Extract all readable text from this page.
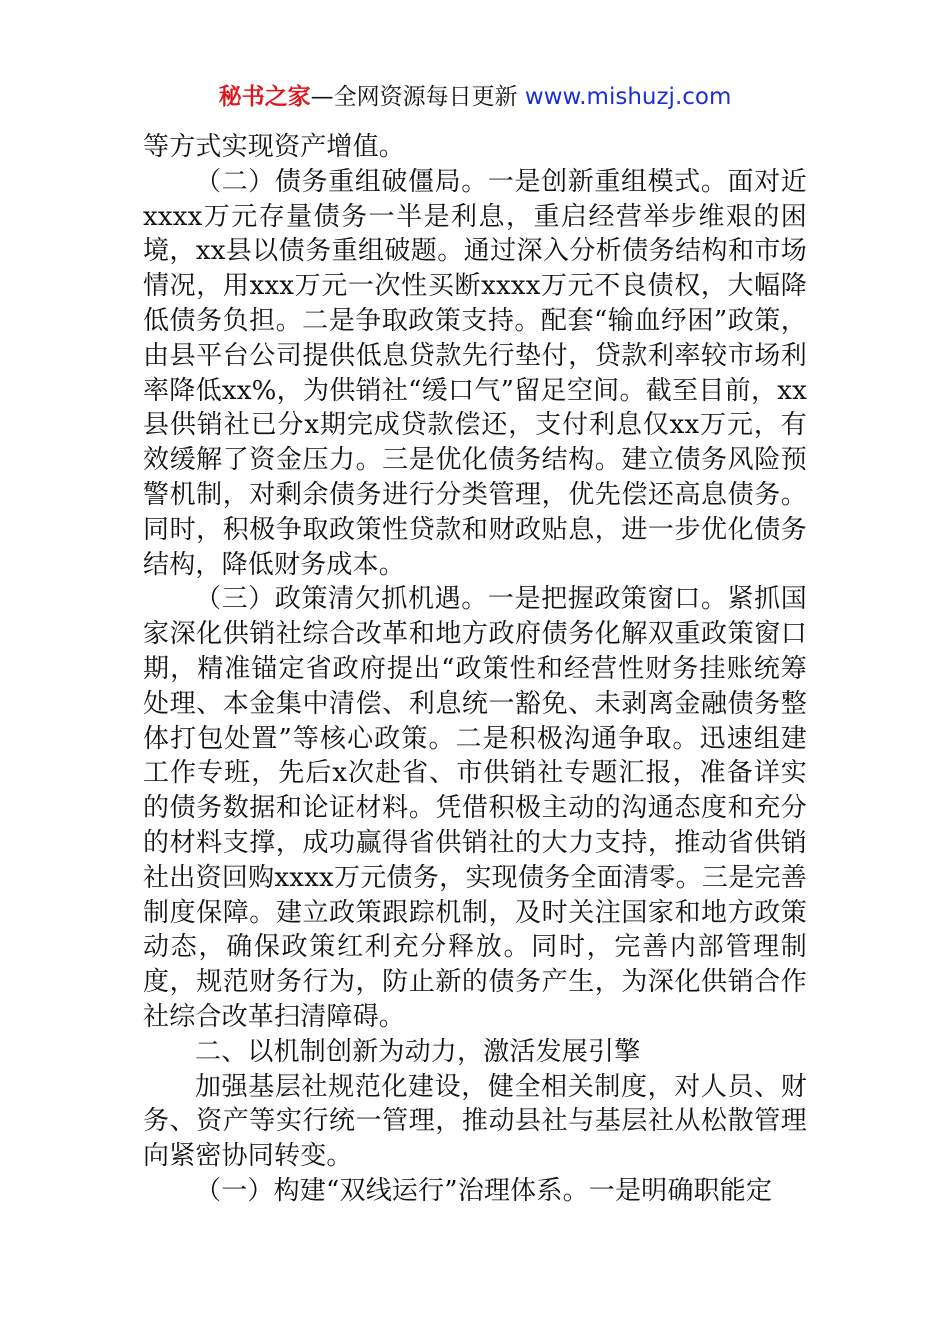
秘书之家—全网资源每日更新 www.mishuzj.com

等方式实现资产增值。

（二）债务重组破僵局。一是创新重组模式。面对近xxxx万元存量债务一半是利息，重启经营举步维艰的困境，xx县以债务重组破题。通过深入分析债务结构和市场情况，用xxx万元一次性买断xxxx万元不良债权，大幅降低债务负担。二是争取政策支持。配套“输血纾困”政策，由县平台公司提供低息贷款先行垫付，贷款利率较市场利率降低xx%，为供销社“缓口气”留足空间。截至目前，xx县供销社已分x期完成贷款偿还，支付利息仅xx万元，有效缓解了资金压力。三是优化债务结构。建立债务风险预警机制，对剩余债务进行分类管理，优先偿还高息债务。同时，积极争取政策性贷款和财政贴息，进一步优化债务结构，降低财务成本。

（三）政策清欠抓机遇。一是把握政策窗口。紧抓国家深化供销社综合改革和地方政府债务化解双重政策窗口期，精准锚定省政府提出“政策性和经营性财务挂账统筹处理、本金集中清偿、利息统一豁免、未剥离金融债务整体打包处置”等核心政策。二是积极沟通争取。迅速组建工作专班，先后x次赴省、市供销社专题汇报，准备详实的债务数据和论证材料。凭借积极主动的沟通态度和充分的材料支撑，成功赢得省供销社的大力支持，推动省供销社出资回购xxxx万元债务，实现债务全面清零。三是完善制度保障。建立政策跟踪机制，及时关注国家和地方政策动态，确保政策红利充分释放。同时，完善内部管理制度，规范财务行为，防止新的债务产生，为深化供销合作社综合改革扫清障碍。

二、以机制创新为动力，激活发展引擎

加强基层社规范化建设，健全相关制度，对人员、财务、资产等实行统一管理，推动县社与基层社从松散管理向紧密协同转变。

（一）构建“双线运行”治理体系。一是明确职能定
